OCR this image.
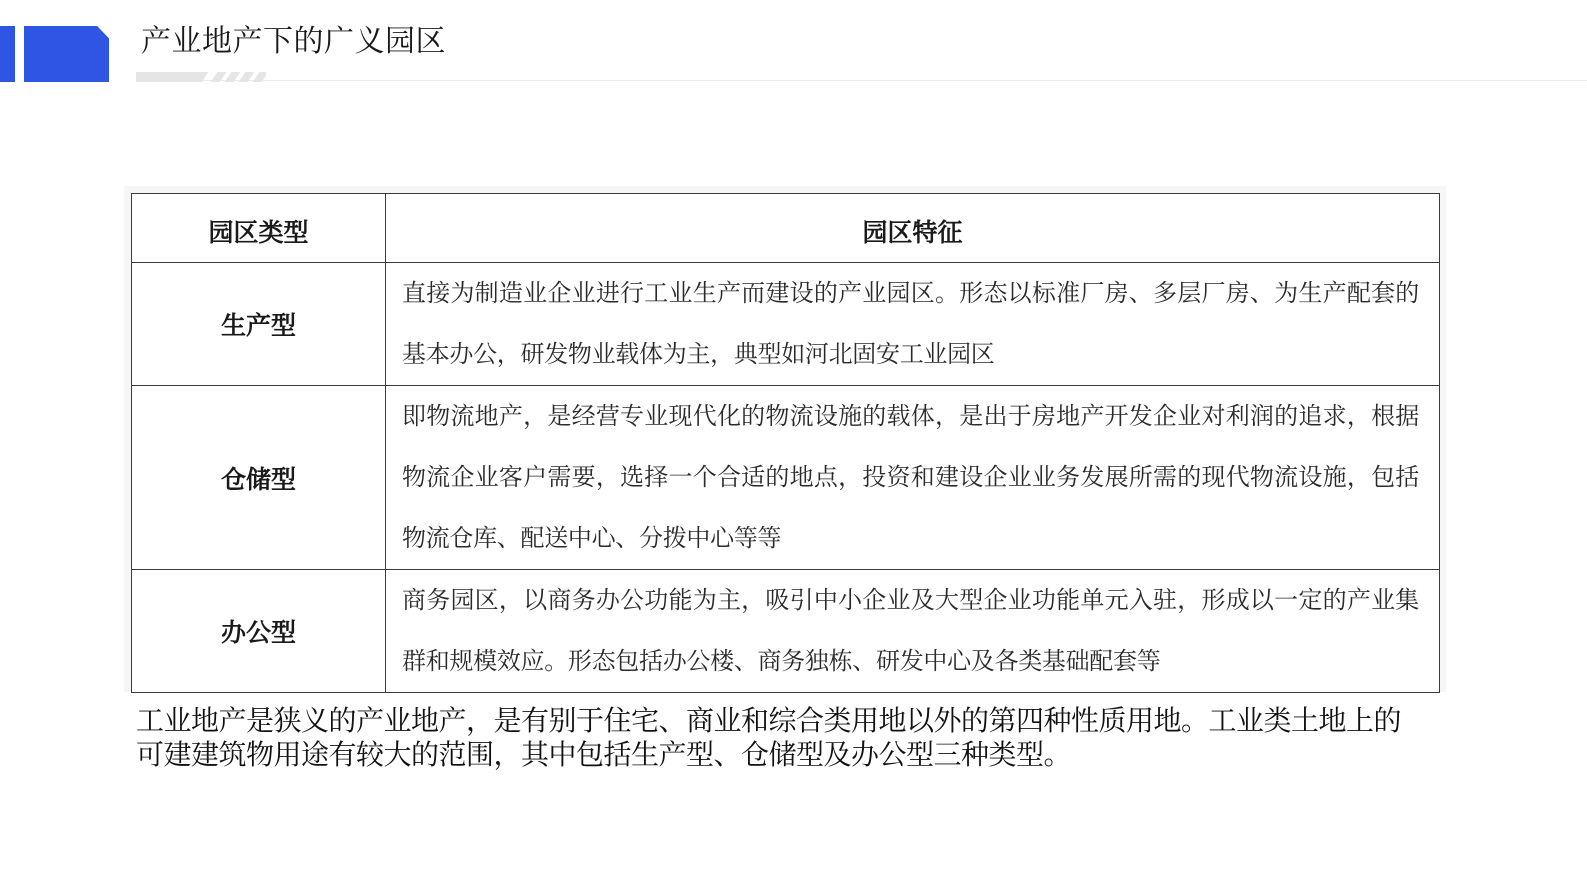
产业地产下的广义园区
园区类型	园区特征
生产型	直接为制造业企业进行工业生产而建设的产业园区。形态以标准厂房、多层厂房、为生产配套的基本办公，研发物业载体为主，典型如河北固安工业园区
仓储型	即物流地产，是经营专业现代化的物流设施的载体，是出于房地产开发企业对利润的追求，根据物流企业客户需要，选择一个合适的地点，投资和建设企业业务发展所需的现代物流设施，包括物流仓库、配送中心、分拨中心等等
办公型	商务园区，以商务办公功能为主，吸引中小企业及大型企业功能单元入驻，形成以一定的产业集群和规模效应。形态包括办公楼、商务独栋、研发中心及各类基础配套等

工业地产是狭义的产业地产，是有别于住宅、商业和综合类用地以外的第四种性质用地。工业类土地上的可建建筑物用途有较大的范围，其中包括生产型、仓储型及办公型三种类型。
